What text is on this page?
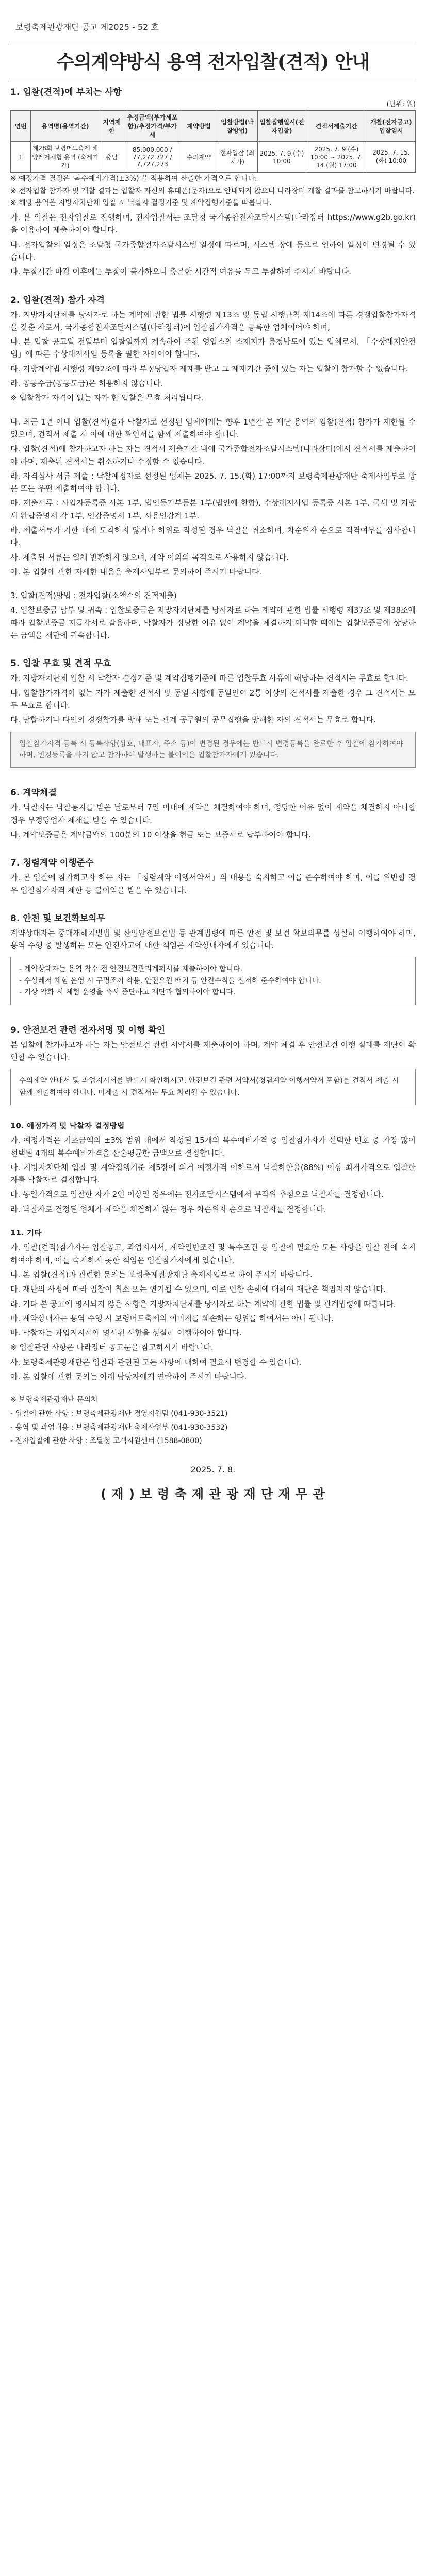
보령축제관광재단 공고 제2025 - 52 호
수의계약방식 용역 전자입찰(견적) 안내
1. 입찰(견적)에 부치는 사항
(단위: 원)
연번	용역명(용역기간)	지역제한	추정금액(부가세포함)/추정가격/부가세	계약방법	입찰방법(낙찰방법)	입찰집행일시(전자입찰)	견적서제출기간	개찰(전자공고)입찰일시
1	제28회 보령머드축제 해양레저체험 용역 (축제기간)	충남	85,000,000 / 77,272,727 / 7,727,273	수의계약	전자입찰 (최저가)	2025. 7. 9.(수) 10:00	2025. 7. 9.(수) 10:00 ~ 2025. 7. 14.(월) 17:00	2025. 7. 15.(화) 10:00
※ 예정가격 결정은 '복수예비가격(±3%)'을 적용하여 산출한 가격으로 합니다.
※ 전자입찰 참가자 및 개찰 결과는 입찰자 자신의 휴대폰(문자)으로 안내되지 않으니 나라장터 개찰 결과를 참고하시기 바랍니다.
※ 해당 용역은 지방자치단체 입찰 시 낙찰자 결정기준 및 계약집행기준을 따릅니다.
가. 본 입찰은 전자입찰로 진행하며, 전자입찰서는 조달청 국가종합전자조달시스템(나라장터 https://www.g2b.go.kr)을 이용하여 제출하여야 합니다.
나. 전자입찰의 일정은 조달청 국가종합전자조달시스템 일정에 따르며, 시스템 장애 등으로 인하여 일정이 변경될 수 있습니다.
다. 투찰시간 마감 이후에는 투찰이 불가하오니 충분한 시간적 여유를 두고 투찰하여 주시기 바랍니다.
2. 입찰(견적) 참가 자격
가. 지방자치단체를 당사자로 하는 계약에 관한 법률 시행령 제13조 및 동법 시행규칙 제14조에 따른 경쟁입찰참가자격을 갖춘 자로서, 국가종합전자조달시스템(나라장터)에 입찰참가자격을 등록한 업체이어야 하며,
나. 본 입찰 공고일 전일부터 입찰일까지 계속하여 주된 영업소의 소재지가 충청남도에 있는 업체로서, 「수상레저안전법」에 따른 수상레저사업 등록을 필한 자이어야 합니다.
다. 지방계약법 시행령 제92조에 따라 부정당업자 제재를 받고 그 제재기간 중에 있는 자는 입찰에 참가할 수 없습니다.
라. 공동수급(공동도급)은 허용하지 않습니다.
※ 입찰참가 자격이 없는 자가 한 입찰은 무효 처리됩니다.
나. 최근 1년 이내 입찰(견적)결과 낙찰자로 선정된 업체에게는 향후 1년간 본 재단 용역의 입찰(견적) 참가가 제한될 수 있으며, 견적서 제출 시 이에 대한 확인서를 함께 제출하여야 합니다.
다. 입찰(견적)에 참가하고자 하는 자는 견적서 제출기간 내에 국가종합전자조달시스템(나라장터)에서 견적서를 제출하여야 하며, 제출된 견적서는 취소하거나 수정할 수 없습니다.
라. 자격심사 서류 제출 : 낙찰예정자로 선정된 업체는 2025. 7. 15.(화) 17:00까지 보령축제관광재단 축제사업부로 방문 또는 우편 제출하여야 합니다.
마. 제출서류 : 사업자등록증 사본 1부, 법인등기부등본 1부(법인에 한함), 수상레저사업 등록증 사본 1부, 국세 및 지방세 완납증명서 각 1부, 인감증명서 1부, 사용인감계 1부.
바. 제출서류가 기한 내에 도착하지 않거나 허위로 작성된 경우 낙찰을 취소하며, 차순위자 순으로 적격여부를 심사합니다.
사. 제출된 서류는 일체 반환하지 않으며, 계약 이외의 목적으로 사용하지 않습니다.
아. 본 입찰에 관한 자세한 내용은 축제사업부로 문의하여 주시기 바랍니다.
3. 입찰(견적)방법 : 전자입찰(소액수의 견적제출)
4. 입찰보증금 납부 및 귀속 : 입찰보증금은 지방자치단체를 당사자로 하는 계약에 관한 법률 시행령 제37조 및 제38조에 따라 입찰보증금 지급각서로 갈음하며, 낙찰자가 정당한 이유 없이 계약을 체결하지 아니할 때에는 입찰보증금에 상당하는 금액을 재단에 귀속합니다.
5. 입찰 무효 및 견적 무효
가. 지방자치단체 입찰 시 낙찰자 결정기준 및 계약집행기준에 따른 입찰무효 사유에 해당하는 견적서는 무효로 합니다.
나. 입찰참가자격이 없는 자가 제출한 견적서 및 동일 사항에 동일인이 2통 이상의 견적서를 제출한 경우 그 견적서는 모두 무효로 합니다.
다. 담합하거나 타인의 경쟁참가를 방해 또는 관계 공무원의 공무집행을 방해한 자의 견적서는 무효로 합니다.
입찰참가자격 등록 시 등록사항(상호, 대표자, 주소 등)이 변경된 경우에는 반드시 변경등록을 완료한 후 입찰에 참가하여야 하며, 변경등록을 하지 않고 참가하여 발생하는 불이익은 입찰참가자에게 있습니다.
6. 계약체결
가. 낙찰자는 낙찰통지를 받은 날로부터 7일 이내에 계약을 체결하여야 하며, 정당한 이유 없이 계약을 체결하지 아니할 경우 부정당업자 제재를 받을 수 있습니다.
나. 계약보증금은 계약금액의 100분의 10 이상을 현금 또는 보증서로 납부하여야 합니다.
7. 청렴계약 이행준수
가. 본 입찰에 참가하고자 하는 자는 「청렴계약 이행서약서」의 내용을 숙지하고 이를 준수하여야 하며, 이를 위반할 경우 입찰참가자격 제한 등 불이익을 받을 수 있습니다.
8. 안전 및 보건확보의무
계약상대자는 중대재해처벌법 및 산업안전보건법 등 관계법령에 따른 안전 및 보건 확보의무를 성실히 이행하여야 하며, 용역 수행 중 발생하는 모든 안전사고에 대한 책임은 계약상대자에게 있습니다.
- 계약상대자는 용역 착수 전 안전보건관리계획서를 제출하여야 합니다.
- 수상레저 체험 운영 시 구명조끼 착용, 안전요원 배치 등 안전수칙을 철저히 준수하여야 합니다.
- 기상 악화 시 체험 운영을 즉시 중단하고 재단과 협의하여야 합니다.
9. 안전보건 관련 전자서명 및 이행 확인
본 입찰에 참가하고자 하는 자는 안전보건 관련 서약서를 제출하여야 하며, 계약 체결 후 안전보건 이행 실태를 재단이 확인할 수 있습니다.
수의계약 안내서 및 과업지시서를 반드시 확인하시고, 안전보건 관련 서약서(청렴계약 이행서약서 포함)를 견적서 제출 시 함께 제출하여야 합니다. 미제출 시 견적서는 무효 처리될 수 있습니다.
10. 예정가격 및 낙찰자 결정방법
가. 예정가격은 기초금액의 ±3% 범위 내에서 작성된 15개의 복수예비가격 중 입찰참가자가 선택한 번호 중 가장 많이 선택된 4개의 복수예비가격을 산술평균한 금액으로 결정합니다.
나. 지방자치단체 입찰 및 계약집행기준 제5장에 의거 예정가격 이하로서 낙찰하한율(88%) 이상 최저가격으로 입찰한 자를 낙찰자로 결정합니다.
다. 동일가격으로 입찰한 자가 2인 이상일 경우에는 전자조달시스템에서 무작위 추첨으로 낙찰자를 결정합니다.
라. 낙찰자로 결정된 업체가 계약을 체결하지 않는 경우 차순위자 순으로 낙찰자를 결정합니다.
11. 기타
가. 입찰(견적)참가자는 입찰공고, 과업지시서, 계약일반조건 및 특수조건 등 입찰에 필요한 모든 사항을 입찰 전에 숙지하여야 하며, 이를 숙지하지 못한 책임은 입찰참가자에게 있습니다.
나. 본 입찰(견적)과 관련한 문의는 보령축제관광재단 축제사업부로 하여 주시기 바랍니다.
다. 재단의 사정에 따라 입찰이 취소 또는 연기될 수 있으며, 이로 인한 손해에 대하여 재단은 책임지지 않습니다.
라. 기타 본 공고에 명시되지 않은 사항은 지방자치단체를 당사자로 하는 계약에 관한 법률 및 관계법령에 따릅니다.
마. 계약상대자는 용역 수행 시 보령머드축제의 이미지를 훼손하는 행위를 하여서는 아니 됩니다.
바. 낙찰자는 과업지시서에 명시된 사항을 성실히 이행하여야 합니다.
※ 입찰관련 사항은 나라장터 공고문을 참고하시기 바랍니다.
사. 보령축제관광재단은 입찰과 관련된 모든 사항에 대하여 필요시 변경할 수 있습니다.
아. 본 입찰에 관한 문의는 아래 담당자에게 연락하여 주시기 바랍니다.
※ 보령축제관광재단 문의처
- 입찰에 관한 사항 : 보령축제관광재단 경영지원팀 (041-930-3521)
- 용역 및 과업내용 : 보령축제관광재단 축제사업부 (041-930-3532)
- 전자입찰에 관한 사항 : 조달청 고객지원센터 (1588-0800)
2025. 7. 8.
( 재 ) 보 령 축 제 관 광 재 단 재 무 관
